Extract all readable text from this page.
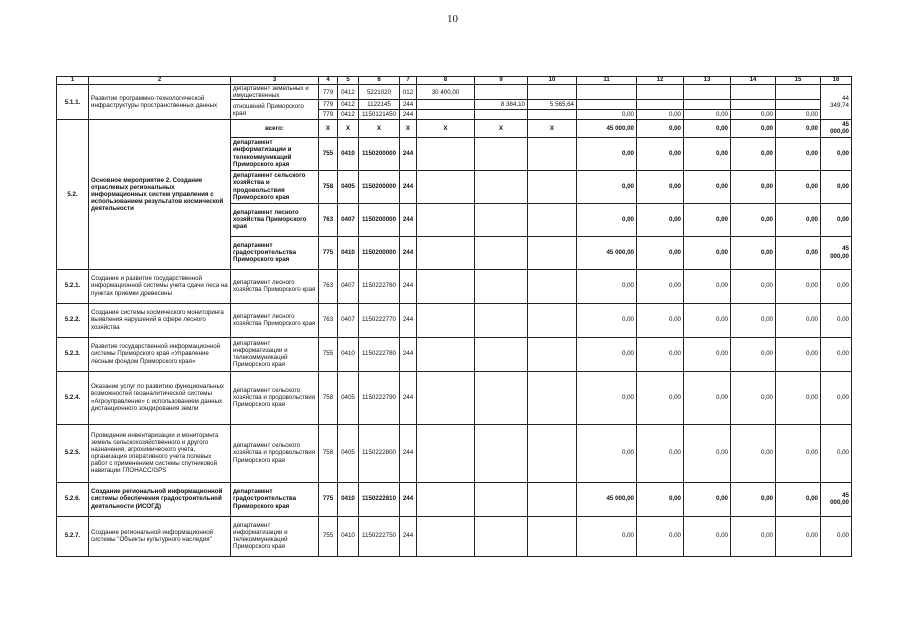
10
1	2	3	4	5	6	7	8	9	10	11	12	13	14	15	16
5.1.1.	Развитие программно-технологической инфраструктуры пространственных данных	департамент земельных и имущественных	779	0412	5221020	012	30 400,00								44 349,74
		отношений Приморского края	779	0412	1122145	244		8 384,10	5 565,64						
			779	0412	1150121450	244				0,00	0,00	0,00	0,00	0,00	
5.2.	Основное мероприятие 2. Создание отраслевых региональных информационных систем управления с использованием результатов космической деятельности	всего:	X	X	X	X	X	X	X	45 000,00	0,00	0,00	0,00	0,00	45 000,00
		департамент информатизации и телекоммуникаций Приморского края	755	0410	1150200000	244				0,00	0,00	0,00	0,00	0,00	0,00
		департамент сельского хозяйства и продовольствия Приморского края	758	0405	1150200000	244				0,00	0,00	0,00	0,00	0,00	0,00
		департамент лесного хозяйства Приморского края	763	0407	1150200000	244				0,00	0,00	0,00	0,00	0,00	0,00
		департамент градостроительства Приморского края	775	0410	1150200000	244				45 000,00	0,00	0,00	0,00	0,00	45 000,00
5.2.1.	Создание и развитие государственной информационной системы учета сдачи леса на пунктах приемки древесины	департамент лесного хозяйства Приморского края	763	0407	1150222760	244				0,00	0,00	0,00	0,00	0,00	0,00
5.2.2.	Создание системы космического мониторинга выявления нарушений в сфере лесного хозяйства	департамент лесного хозяйства Приморского края	763	0407	1150222770	244				0,00	0,00	0,00	0,00	0,00	0,00
5.2.3.	Развитие государственной информационной системы Приморского края «Управление лесным фондом Приморского края»	департамент информатизации и телекоммуникаций Приморского края	755	0410	1150222780	244				0,00	0,00	0,00	0,00	0,00	0,00
5.2.4.	Оказание услуг по развитию функциональных возможностей геоаналитической системы «Агроуправление» с использованием данных дистанционного зондирования земли	департамент сельского хозяйства и продовольствия Приморского края	758	0405	1150222790	244				0,00	0,00	0,00	0,00	0,00	0,00
5.2.5.	Проведение инвентаризации и мониторинга земель сельскохозяйственного и другого назначения, агрохимического учета, организация оперативного учета полевых работ с применением системы спутниковой навигации ГЛОНАСС/GPS	департамент сельского хозяйства и продовольствия Приморского края	758	0405	1150222800	244				0,00	0,00	0,00	0,00	0,00	0,00
5.2.6.	Создание региональной информационной системы обеспечения градостроительной деятельности (ИСОГД)	департамент градостроительства Приморского края	775	0410	1150222810	244				45 000,00	0,00	0,00	0,00	0,00	45 000,00
5.2.7.	Создание региональной информационной системы "Объекты культурного наследия"	департамент информатизации и телекоммуникаций Приморского края	755	0410	1150222750	244				0,00	0,00	0,00	0,00	0,00	0,00
